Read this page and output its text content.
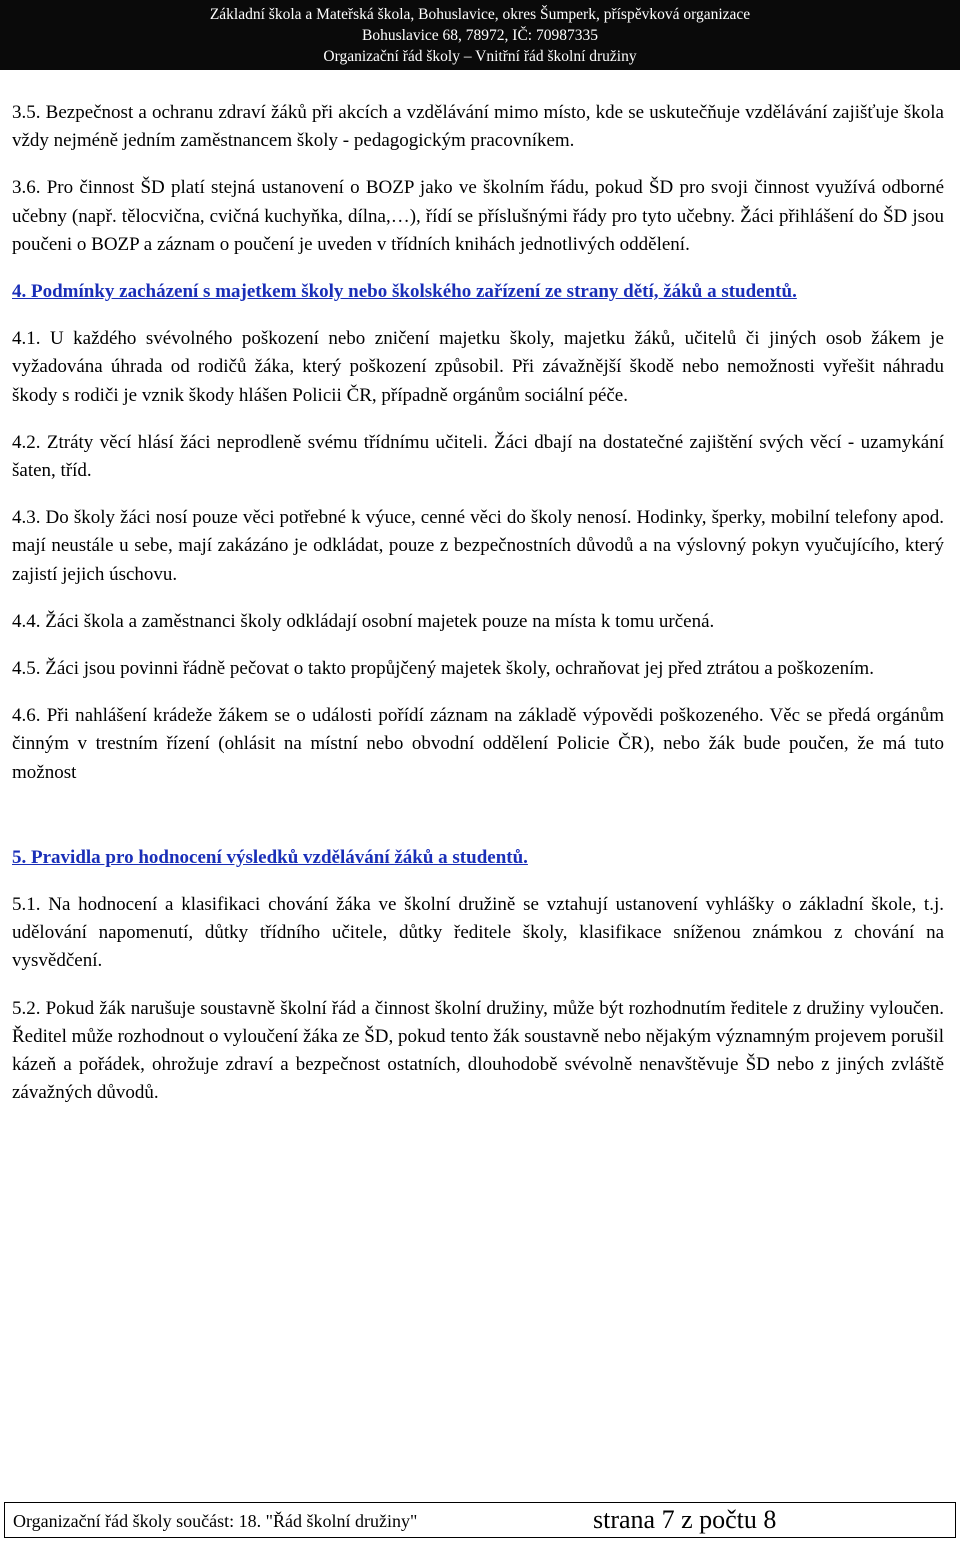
Základní škola a Mateřská škola, Bohuslavice, okres Šumperk, příspěvková organizace
Bohuslavice 68, 78972, IČ: 70987335
Organizační řád školy – Vnitřní řád školní družiny

3.5. Bezpečnost a ochranu zdraví žáků při akcích a vzdělávání mimo místo, kde se uskutečňuje vzdělávání zajišťuje škola vždy nejméně jedním zaměstnancem školy - pedagogickým pracovníkem.

3.6. Pro činnost ŠD platí stejná ustanovení o BOZP jako ve školním řádu, pokud ŠD pro svoji činnost využívá odborné učebny (např. tělocvična, cvičná kuchyňka, dílna,…), řídí se příslušnými řády pro tyto učebny. Žáci přihlášení do ŠD jsou poučeni o BOZP a záznam o poučení je uveden v třídních knihách jednotlivých oddělení.

4. Podmínky zacházení s majetkem školy nebo školského zařízení ze strany dětí, žáků a studentů.

4.1. U každého svévolného poškození nebo zničení majetku školy, majetku žáků, učitelů či jiných osob žákem je vyžadována úhrada od rodičů žáka, který poškození způsobil. Při závažnější škodě nebo nemožnosti vyřešit náhradu škody s rodiči je vznik škody hlášen Policii ČR, případně orgánům sociální péče.

4.2. Ztráty věcí hlásí žáci neprodleně svému třídnímu učiteli. Žáci dbají na dostatečné zajištění svých věcí - uzamykání šaten, tříd.

4.3. Do školy žáci nosí pouze věci potřebné k výuce, cenné věci do školy nenosí. Hodinky, šperky, mobilní telefony apod. mají neustále u sebe, mají zakázáno je odkládat, pouze z bezpečnostních důvodů a na výslovný pokyn vyučujícího, který zajistí jejich úschovu.

4.4. Žáci škola a zaměstnanci školy odkládají osobní majetek pouze na místa k tomu určená.

4.5. Žáci jsou povinni řádně pečovat o takto propůjčený majetek školy, ochraňovat jej před ztrátou a poškozením.

4.6. Při nahlášení krádeže žákem se o události pořídí záznam na základě výpovědi poškozeného. Věc se předá orgánům činným v trestním řízení (ohlásit na místní nebo obvodní oddělení Policie ČR), nebo žák bude poučen, že má tuto možnost

5. Pravidla pro hodnocení výsledků vzdělávání žáků a studentů.

5.1. Na hodnocení a klasifikaci chování žáka ve školní družině se vztahují ustanovení vyhlášky o základní škole, t.j. udělování napomenutí, důtky třídního učitele, důtky ředitele školy, klasifikace sníženou známkou z chování na vysvědčení.

5.2. Pokud žák narušuje soustavně školní řád a činnost školní družiny, může být rozhodnutím ředitele z družiny vyloučen. Ředitel může rozhodnout o vyloučení žáka ze ŠD, pokud tento žák soustavně nebo nějakým významným projevem porušil kázeň a pořádek, ohrožuje zdraví a bezpečnost ostatních, dlouhodobě svévolně nenavštěvuje ŠD nebo z jiných zvláště závažných důvodů.

Organizační řád školy součást: 18. "Řád školní družiny"	strana 7 z počtu 8
